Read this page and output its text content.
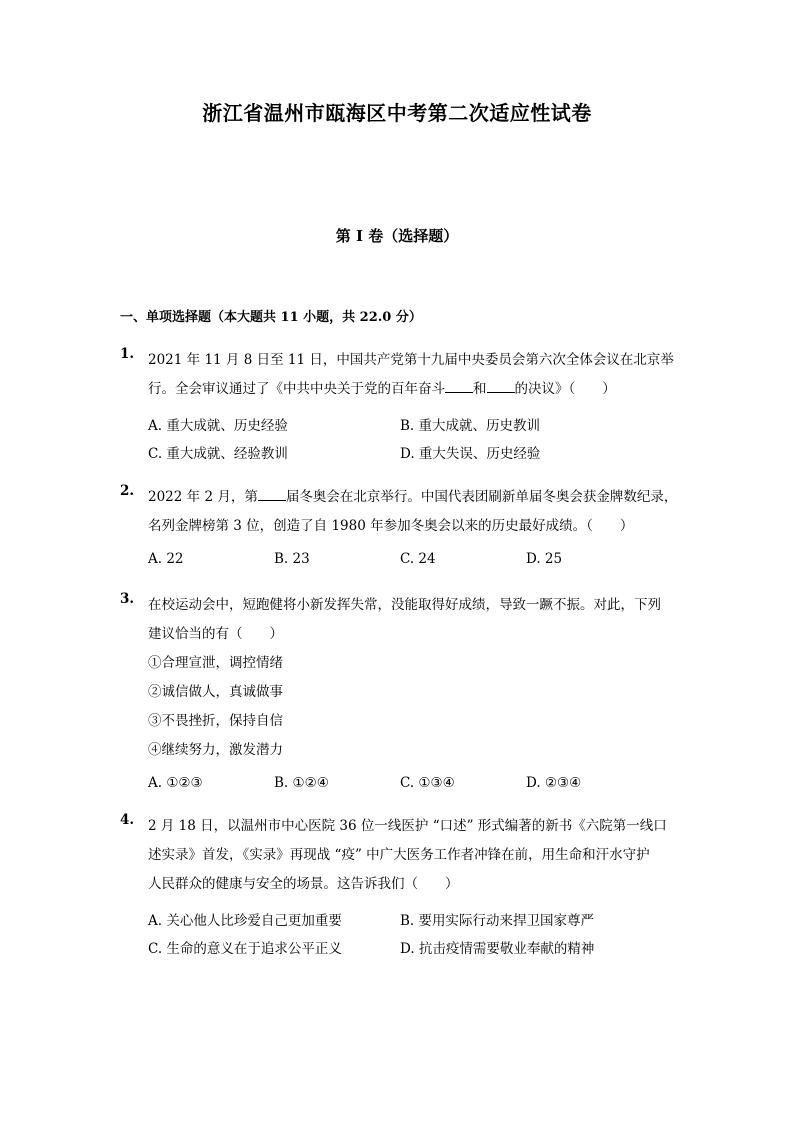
浙江省温州市瓯海区中考第二次适应性试卷
第 I 卷（选择题）
一、单项选择题（本大题共 11 小题，共 22.0 分）
1. 2021 年 11 月 8 日至 11 日，中国共产党第十九届中央委员会第六次全体会议在北京举
行。全会审议通过了《中共中央关于党的百年奋斗 和 的决议》（　　）
A. 重大成就、历史经验	B. 重大成就、历史教训
C. 重大成就、经验教训	D. 重大失误、历史经验
2. 2022 年 2 月，第 届冬奥会在北京举行。中国代表团刷新单届冬奥会获金牌数纪录，
名列金牌榜第 3 位，创造了自 1980 年参加冬奥会以来的历史最好成绩。（　　）
A. 22	B. 23	C. 24	D. 25
3. 在校运动会中，短跑健将小新发挥失常，没能取得好成绩，导致一蹶不振。对此，下列
建议恰当的有（　　）
①合理宣泄，调控情绪
②诚信做人，真诚做事
③不畏挫折，保持自信
④继续努力，激发潜力
A. ①②③	B. ①②④	C. ①③④	D. ②③④
4. 2 月 18 日，以温州市中心医院 36 位一线医护 “口述” 形式编著的新书《六院第一线口
述实录》首发，《实录》再现战 “疫” 中广大医务工作者冲锋在前，用生命和汗水守护
人民群众的健康与安全的场景。这告诉我们（　　）
A. 关心他人比珍爱自己更加重要	B. 要用实际行动来捍卫国家尊严
C. 生命的意义在于追求公平正义	D. 抗击疫情需要敬业奉献的精神
